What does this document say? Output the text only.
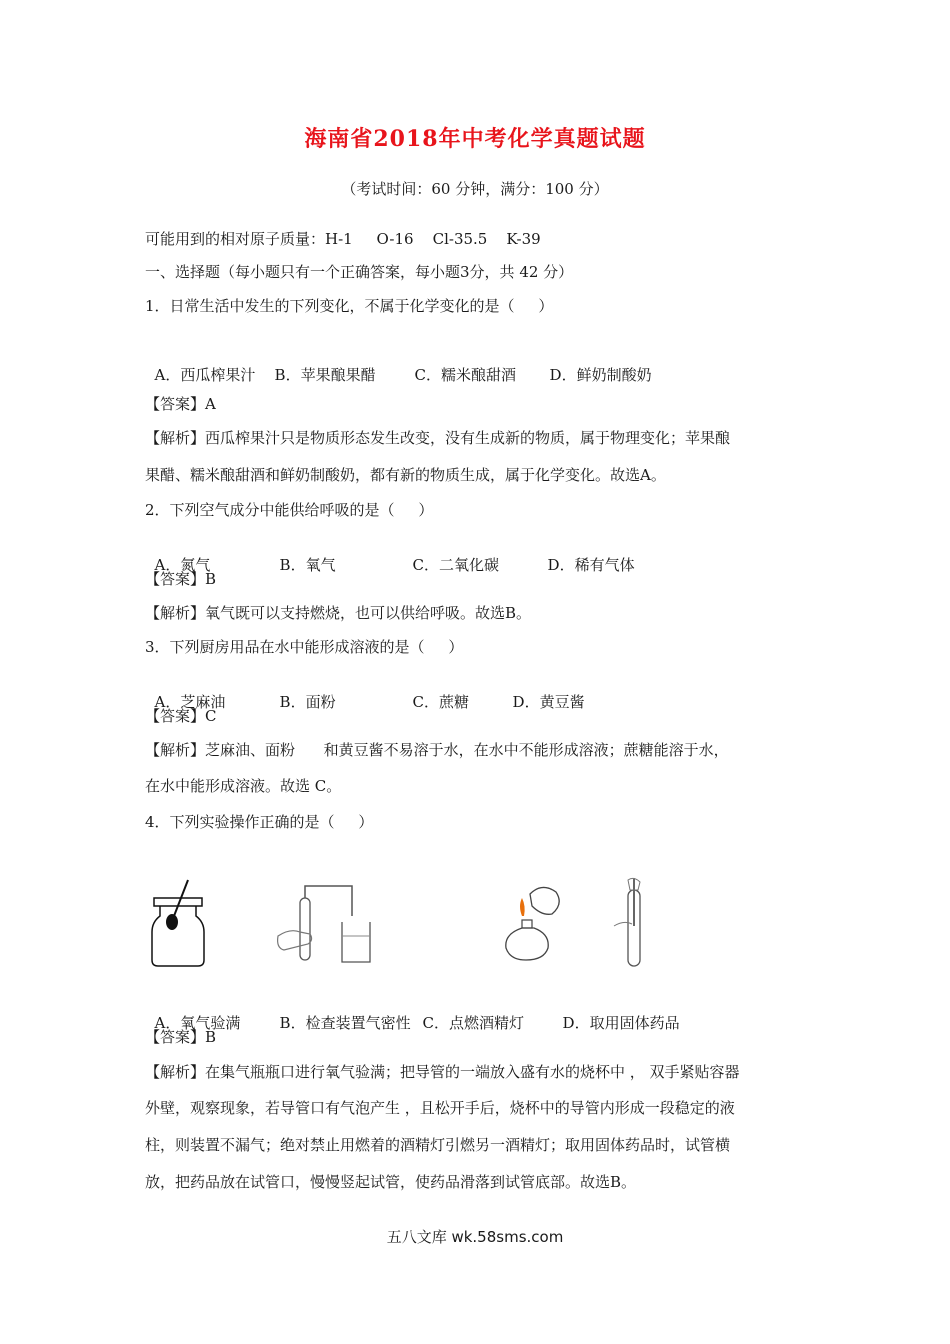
海南省2018年中考化学真题试题
（考试时间：60 分钟，满分：100 分）
可能用到的相对原子质量：H-1     O-16    Cl-35.5    K-39
一、选择题（每小题只有一个正确答案，每小题3分，共 42 分）
1．日常生活中发生的下列变化，不属于化学变化的是（     ）

A．西瓜榨果汁 B．苹果酿果醋	C．糯米酿甜酒 D．鲜奶制酸奶

【答案】A
【解析】西瓜榨果汁只是物质形态发生改变，没有生成新的物质，属于物理变化；苹果酿
果醋、糯米酿甜酒和鲜奶制酸奶，都有新的物质生成，属于化学变化。故选A。
2．下列空气成分中能供给呼吸的是（     ）

A．氮气	B．氧气	C．二氧化碳	D．稀有气体

【答案】B
【解析】氧气既可以支持燃烧，也可以供给呼吸。故选B。
3．下列厨房用品在水中能形成溶液的是（     ）

A．芝麻油	B．面粉	C．蔗糖	D．黄豆酱

【答案】C
【解析】芝麻油、面粉      和黄豆酱不易溶于水，在水中不能形成溶液；蔗糖能溶于水，
在水中能形成溶液。故选 C。
4．下列实验操作正确的是（     ）

A．氧气验满	B．检查装置气密性 C．点燃酒精灯	D．取用固体药品

【答案】B
【解析】在集气瓶瓶口进行氧气验满；把导管的一端放入盛有水的烧杯中 ， 双手紧贴容器
外壁，观察现象，若导管口有气泡产生 ，且松开手后，烧杯中的导管内形成一段稳定的液
柱，则装置不漏气；绝对禁止用燃着的酒精灯引燃另一酒精灯；取用固体药品时，试管横
放，把药品放在试管口，慢慢竖起试管，使药品滑落到试管底部。故选B。
五八文库 wk.58sms.com
